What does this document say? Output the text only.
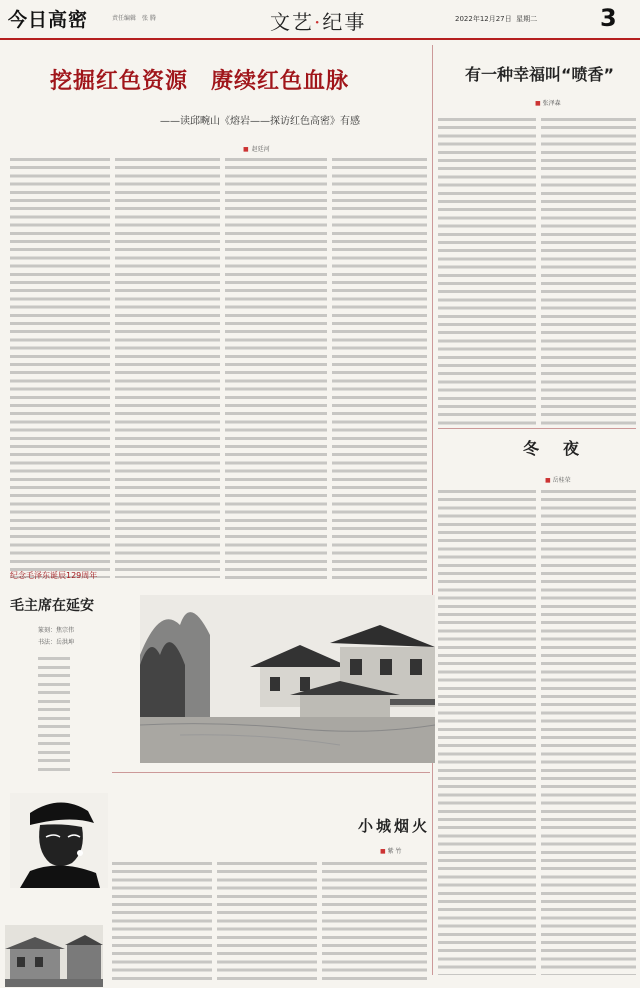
今日高密	责任编辑 张 腾	文艺·纪事	2022年12月27日 星期二	3
挖掘红色资源　赓续红色血脉
——读邱畹山《熔岩——探访红色高密》有感
■ 赵廷河
有一种幸福叫“喷香”
■ 张泽森
冬　夜
■ 岳桂荣
纪念毛泽东诞辰129周年
毛主席在延安
篆刻：焦宗伟
书法：岳洪坤
小城烟火
■ 紫 竹
